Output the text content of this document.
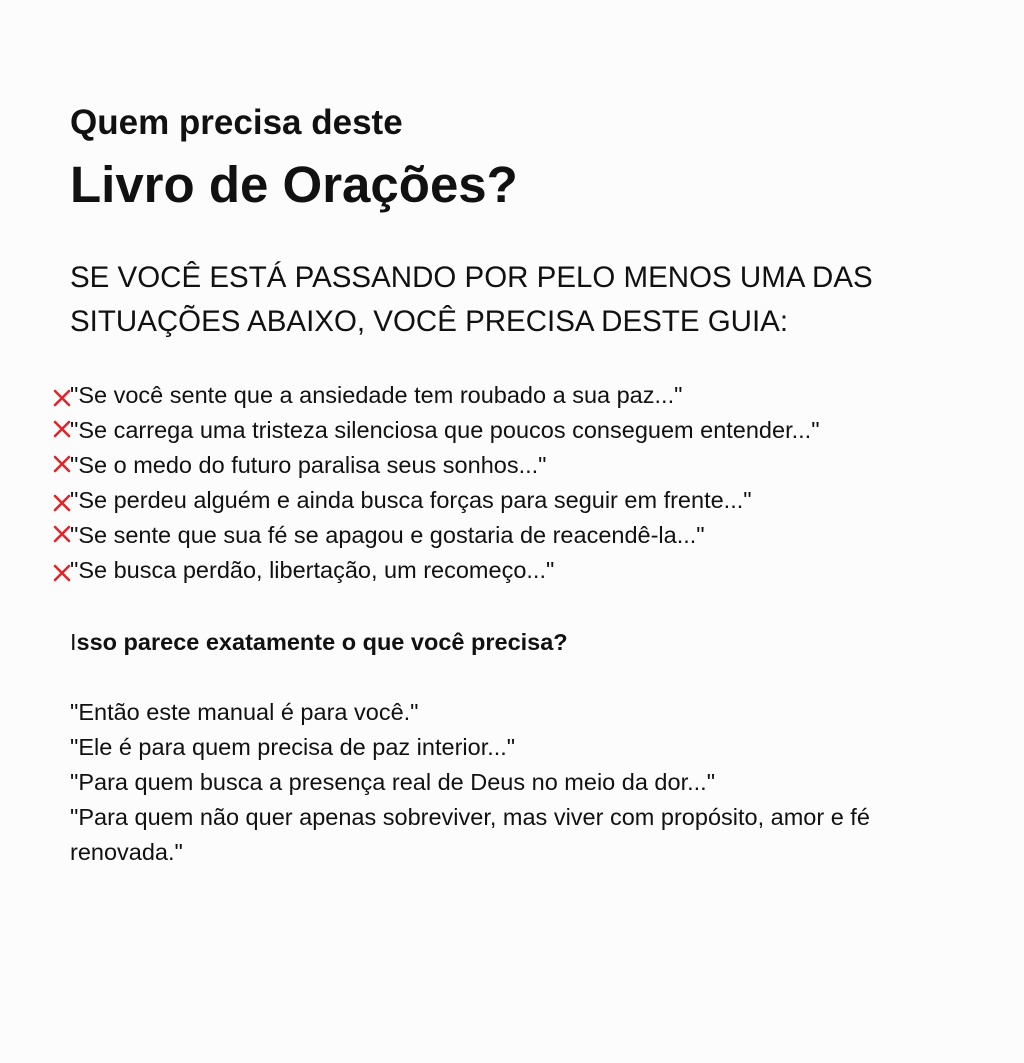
Quem precisa deste
Livro de Orações?
SE VOCÊ ESTÁ PASSANDO POR PELO MENOS UMA DAS
SITUAÇÕES ABAIXO, VOCÊ PRECISA DESTE GUIA:
"Se você sente que a ansiedade tem roubado a sua paz..."
"Se carrega uma tristeza silenciosa que poucos conseguem entender..."
"Se o medo do futuro paralisa seus sonhos..."
"Se perdeu alguém e ainda busca forças para seguir em frente..."
"Se sente que sua fé se apagou e gostaria de reacendê-la..."
"Se busca perdão, libertação, um recomeço..."
Isso parece exatamente o que você precisa?
"Então este manual é para você."
"Ele é para quem precisa de paz interior..."
"Para quem busca a presença real de Deus no meio da dor..."
"Para quem não quer apenas sobreviver, mas viver com propósito, amor e fé renovada."
